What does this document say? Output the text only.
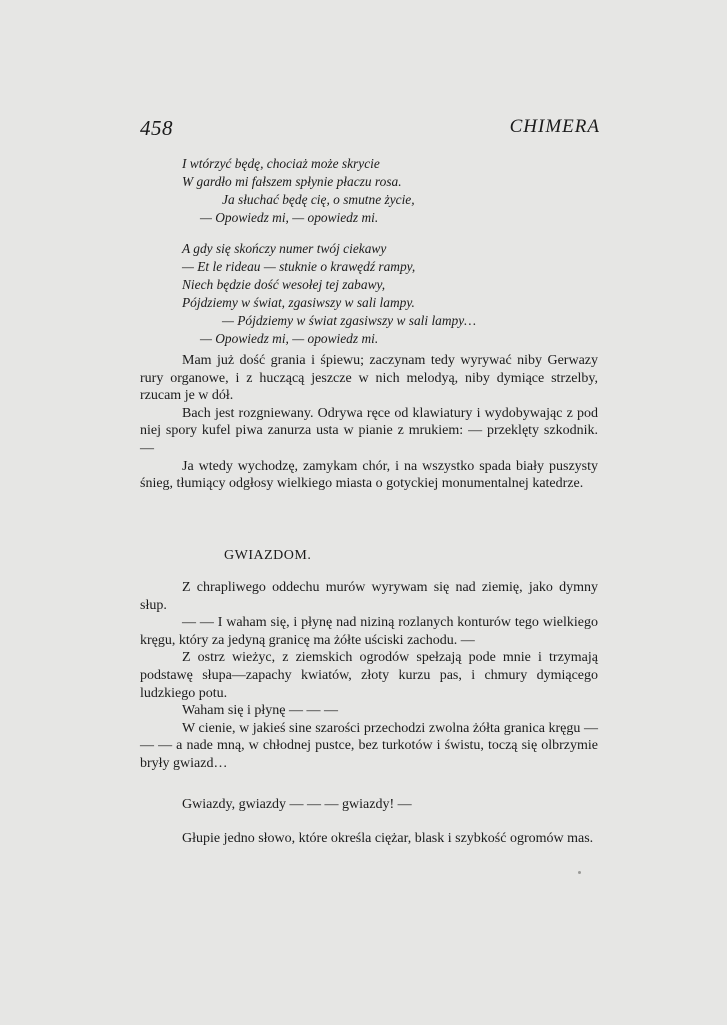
458	CHIMERA
I wtórzyć będę, chociaż może skrycie
W gardło mi fałszem spłynie płaczu rosa.
Ja słuchać będę cię, o smutne życie,
— Opowiedz mi, — opowiedz mi.
A gdy się skończy numer twój ciekawy
— Et le rideau — stuknie o krawędź rampy,
Niech będzie dość wesołej tej zabawy,
Pójdziemy w świat, zgasiwszy w sali lampy.
— Pójdziemy w świat zgasiwszy w sali lampy…
— Opowiedz mi, — opowiedz mi.

Mam już dość grania i śpiewu; zaczynam tedy wyrywać niby Gerwazy rury organowe, i z huczącą jeszcze w nich melodyą, niby dymiące strzelby, rzucam je w dół.

Bach jest rozgniewany. Odrywa ręce od klawiatury i wydobywając z pod niej spory kufel piwa zanurza usta w pianie z mrukiem: — przeklęty szkodnik. —

Ja wtedy wychodzę, zamykam chór, i na wszystko spada biały puszysty śnieg, tłumiący odgłosy wielkiego miasta o gotyckiej monumentalnej katedrze.

GWIAZDOM.

Z chrapliwego oddechu murów wyrywam się nad ziemię, jako dymny słup.

— — I waham się, i płynę nad niziną rozlanych konturów tego wielkiego kręgu, który za jedyną granicę ma żółte uściski zachodu. —

Z ostrz wieżyc, z ziemskich ogrodów spełzają pode mnie i trzymają podstawę słupa—zapachy kwiatów, złoty kurzu pas, i chmury dymiącego ludzkiego potu.

Waham się i płynę — — —

W cienie, w jakieś sine szarości przechodzi zwolna żółta granica kręgu — — — a nade mną, w chłodnej pustce, bez turkotów i świstu, toczą się olbrzymie bryły gwiazd…

Gwiazdy, gwiazdy — — — gwiazdy! —

Głupie jedno słowo, które określa ciężar, blask i szybkość ogromów mas.
